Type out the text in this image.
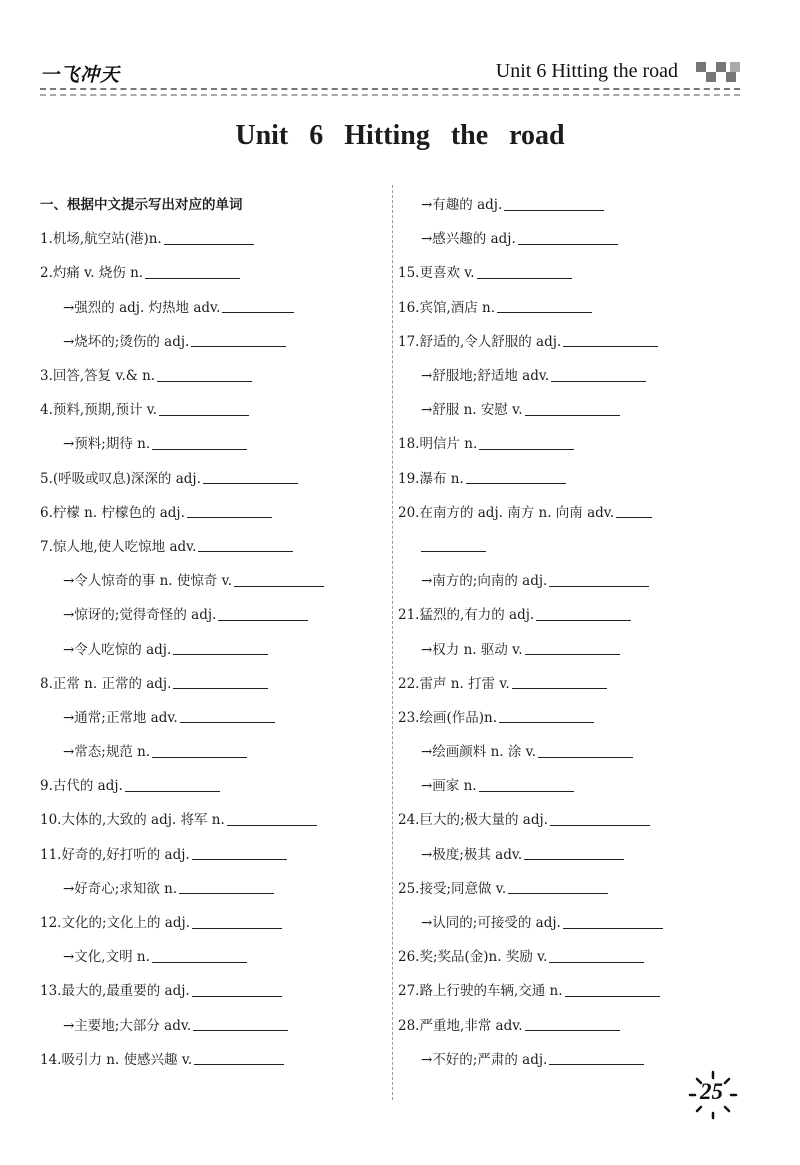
一飞冲天	Unit 6 Hitting the road
Unit 6 Hitting the road
一、根据中文提示写出对应的单词
1.机场,航空站(港)n.
2.灼痛 v. 烧伤 n.
→强烈的 adj. 灼热地 adv.
→烧坏的;烫伤的 adj.
3.回答,答复 v.& n.
4.预料,预期,预计 v.
→预料;期待 n.
5.(呼吸或叹息)深深的 adj.
6.柠檬 n. 柠檬色的 adj.
7.惊人地,使人吃惊地 adv.
→令人惊奇的事 n. 使惊奇 v.
→惊讶的;觉得奇怪的 adj.
→令人吃惊的 adj.
8.正常 n. 正常的 adj.
→通常;正常地 adv.
→常态;规范 n.
9.古代的 adj.
10.大体的,大致的 adj. 将军 n.
11.好奇的,好打听的 adj.
→好奇心;求知欲 n.
12.文化的;文化上的 adj.
→文化,文明 n.
13.最大的,最重要的 adj.
→主要地;大部分 adv.
14.吸引力 n. 使感兴趣 v.
→有趣的 adj.
→感兴趣的 adj.
15.更喜欢 v.
16.宾馆,酒店 n.
17.舒适的,令人舒服的 adj.
→舒服地;舒适地 adv.
→舒服 n. 安慰 v.
18.明信片 n.
19.瀑布 n.
20.在南方的 adj. 南方 n. 向南 adv.
→南方的;向南的 adj.
21.猛烈的,有力的 adj.
→权力 n. 驱动 v.
22.雷声 n. 打雷 v.
23.绘画(作品)n.
→绘画颜料 n. 涂 v.
→画家 n.
24.巨大的;极大量的 adj.
→极度;极其 adv.
25.接受;同意做 v.
→认同的;可接受的 adj.
26.奖;奖品(金)n. 奖励 v.
27.路上行驶的车辆,交通 n.
28.严重地,非常 adv.
→不好的;严肃的 adj.
25
